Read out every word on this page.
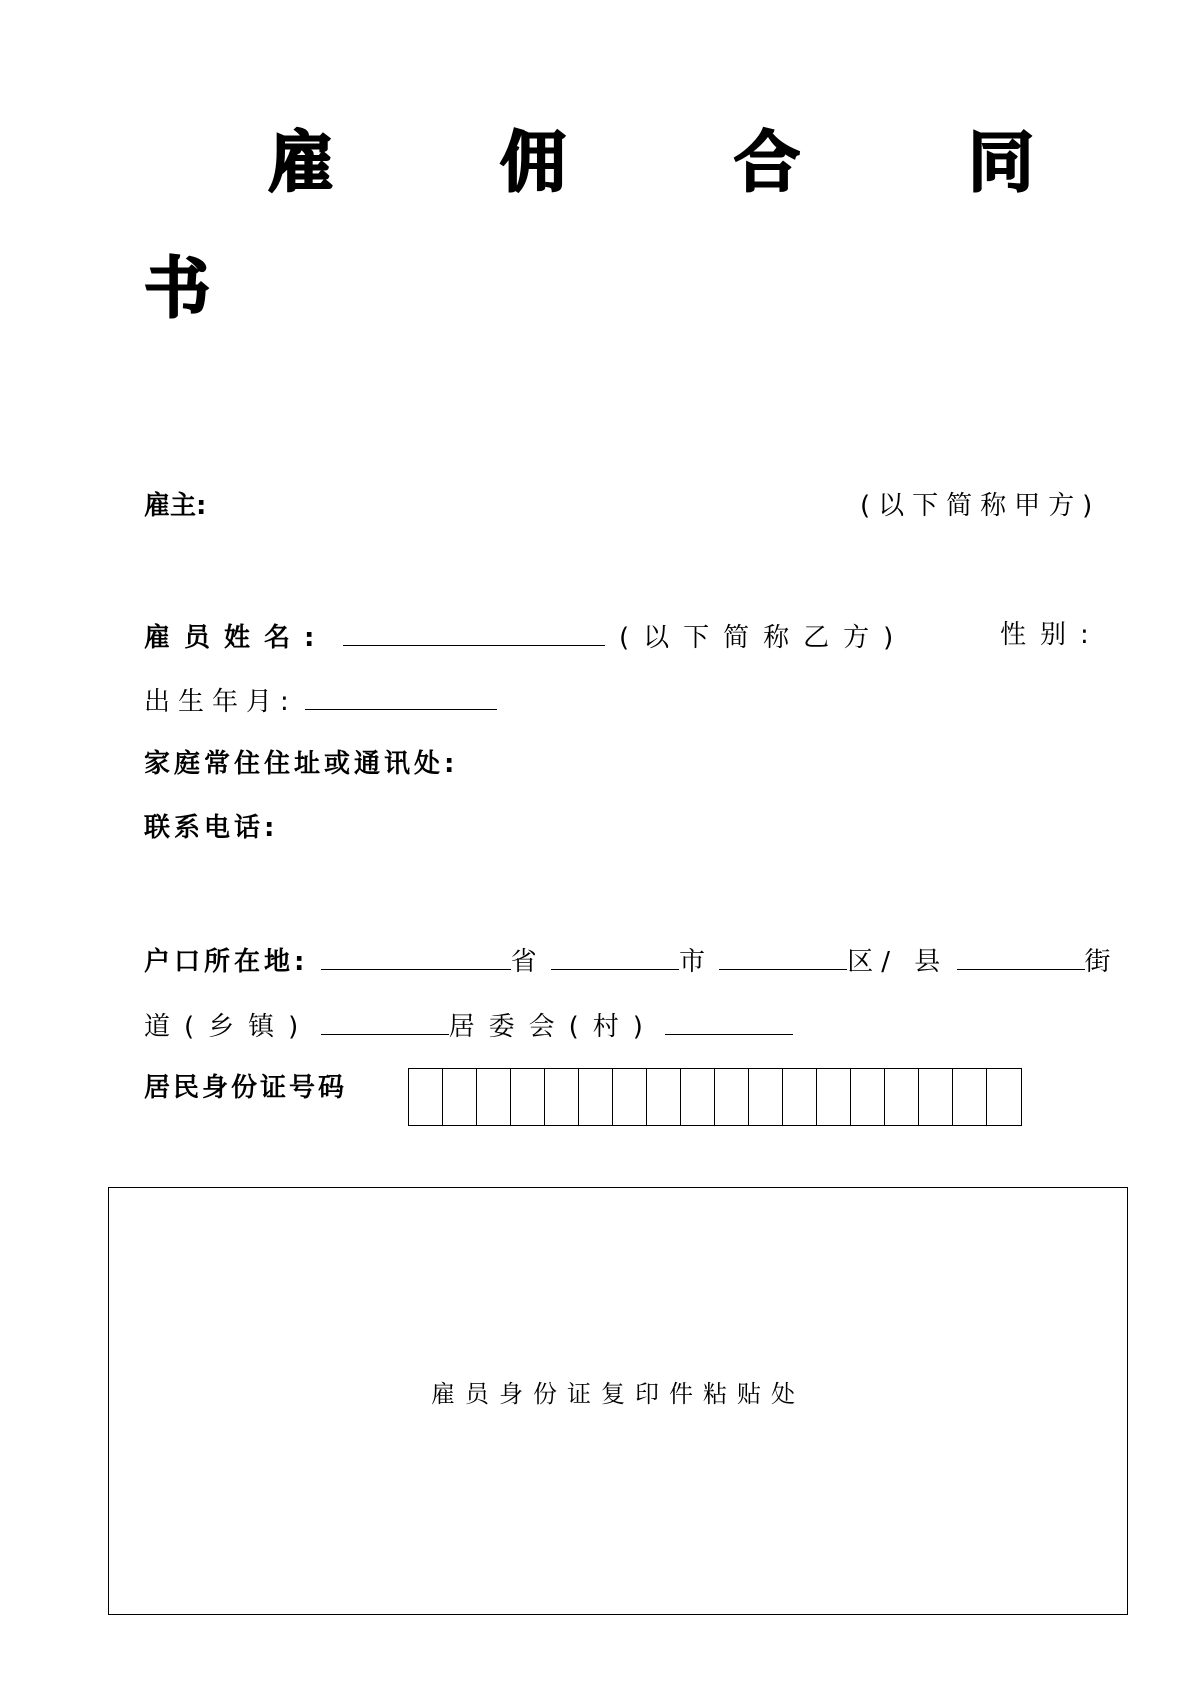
雇	佣	合	同
书
雇主:	(以下简称甲方)
雇员姓名:	(以下简称乙方)	性别:
出生年月:
家庭常住住址或通讯处:
联系电话:
户口所在地:	省	市	区/ 县	街
道(乡镇)	居委会(村)
居民身份证号码
雇员身份证复印件粘贴处
